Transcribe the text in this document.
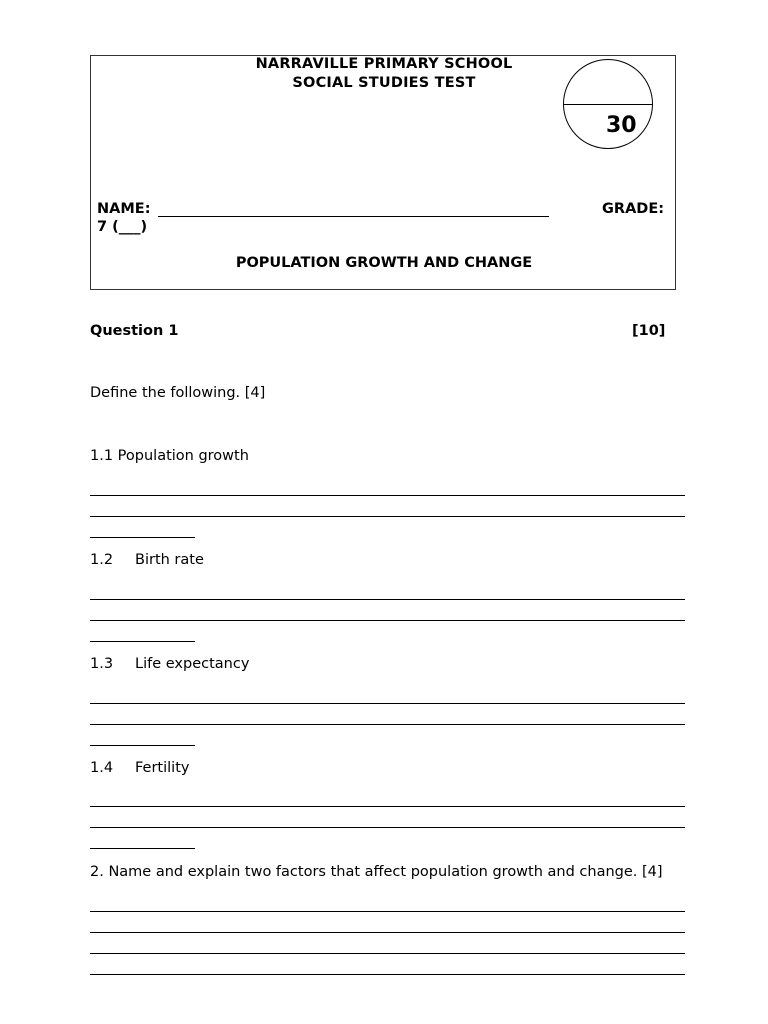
NARRAVILLE PRIMARY SCHOOL
SOCIAL STUDIES TEST
30
NAME:	GRADE:
7 (___)
POPULATION GROWTH AND CHANGE
Question 1	[10]
Define the following. [4]
1.1 Population growth
1.2 Birth rate
1.3 Life expectancy
1.4 Fertility
2. Name and explain two factors that affect population growth and change. [4]
